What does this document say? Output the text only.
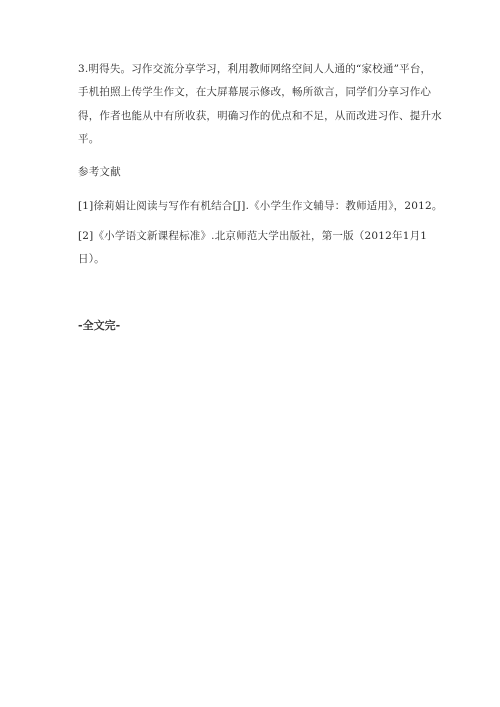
3.明得失。习作交流分享学习，利用教师网络空间人人通的“家校通”平台，
手机拍照上传学生作文，在大屏幕展示修改，畅所欲言，同学们分享习作心
得，作者也能从中有所收获，明确习作的优点和不足，从而改进习作、提升水
平。
参考文献
[1]徐莉娟让阅读与写作有机结合[J].《小学生作文辅导：教师适用》，2012。
[2]《小学语文新课程标准》.北京师范大学出版社，第一版（2012年1月1
日）。
-全文完-
